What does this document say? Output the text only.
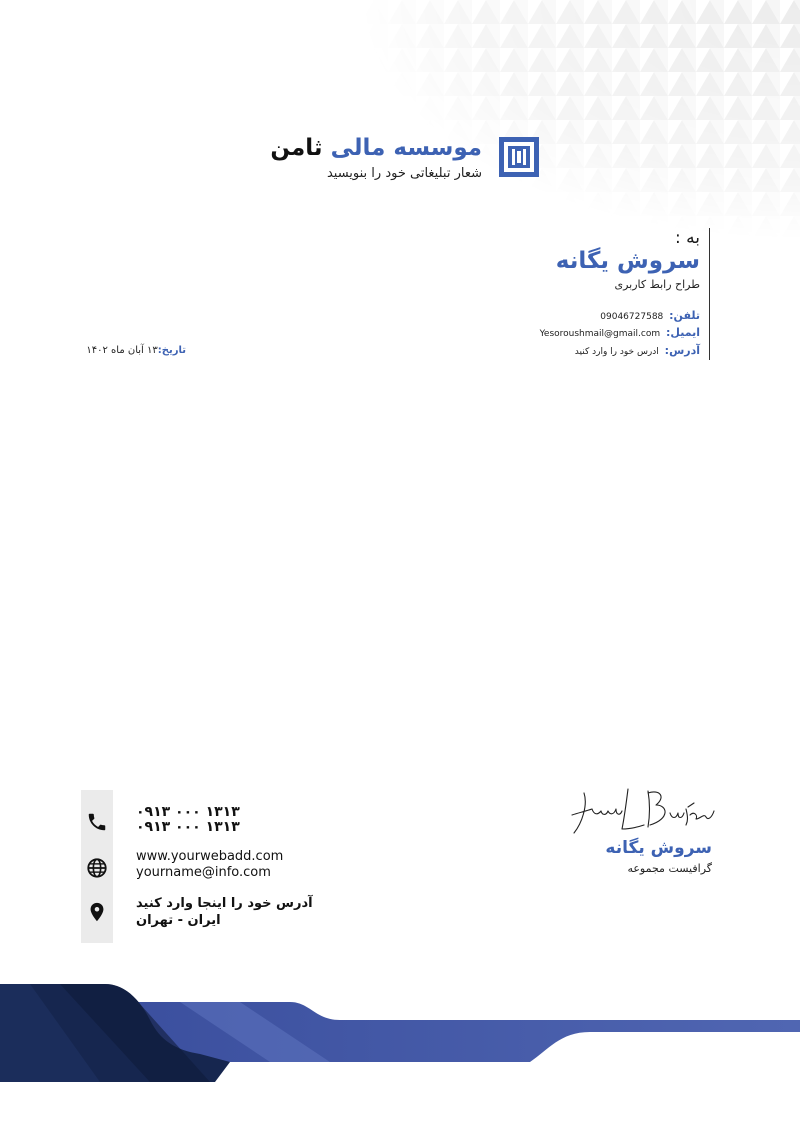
موسسه مالی ثامن
شعار تبلیغاتی خود را بنویسید
به :
سروش یگانه
طراح رابط کاربری
تلفن: 09046727588
ایمیل: Yesoroushmail@gmail.com
آدرس: ادرس خود را وارد کنید
تاریخ:۱۳ آبان ماه ۱۴۰۲
۰۹۱۳ ۰۰۰ ۱۳۱۳
۰۹۱۳ ۰۰۰ ۱۳۱۳
www.yourwebadd.com
yourname@info.com
آدرس خود را اینجا وارد کنید
ایران - تهران
سروش یگانه
گرافیست مجموعه
